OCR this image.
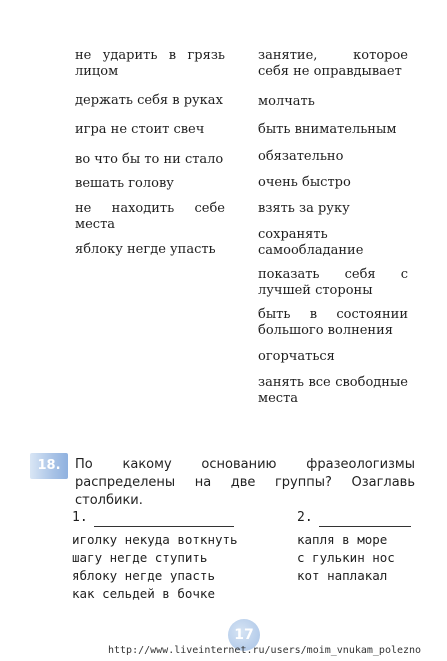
не ударить в грязь лицом
держать себя в руках
игра не стоит свеч
во что бы то ни стало
вешать голову
не находить себе места
яблоку негде упасть
занятие, которое себя не оправдывает
молчать
быть внимательным
обязательно
очень быстро
взять за руку
сохранять самообладание
показать себя с лучшей стороны
быть в состоянии большого волнения
огорчаться
занять все свободные места
18.	По какому основанию фразеологизмы распределены на две группы? Озаглавь столбики.
1.
иголку некуда воткнуть
шагу негде ступить
яблоку негде упасть
как сельдей в бочке
2.
капля в море
с гулькин нос
кот наплакал
17
http://www.liveinternet.ru/users/moim_vnukam_polezno
